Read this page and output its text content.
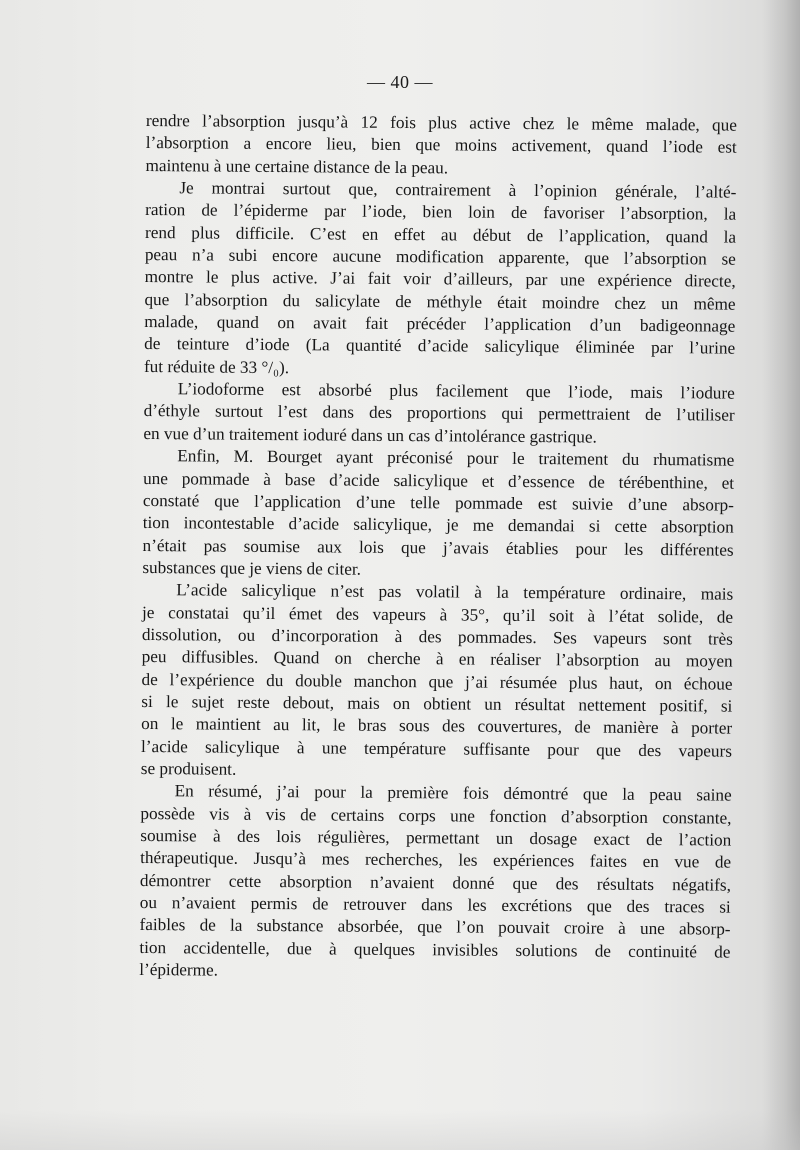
— 40 —
rendre l’absorption jusqu’à 12 fois plus active chez le même malade, que
l’absorption a encore lieu, bien que moins activement, quand l’iode est
maintenu à une certaine distance de la peau.
Je montrai surtout que, contrairement à l’opinion générale, l’alté-
ration de l’épiderme par l’iode, bien loin de favoriser l’absorption, la
rend plus difficile. C’est en effet au début de l’application, quand la
peau n’a subi encore aucune modification apparente, que l’absorption se
montre le plus active. J’ai fait voir d’ailleurs, par une expérience directe,
que l’absorption du salicylate de méthyle était moindre chez un même
malade, quand on avait fait précéder l’application d’un badigeonnage
de teinture d’iode (La quantité d’acide salicylique éliminée par l’urine
fut réduite de 33 °/₀).
L’iodoforme est absorbé plus facilement que l’iode, mais l’iodure
d’éthyle surtout l’est dans des proportions qui permettraient de l’utiliser
en vue d’un traitement ioduré dans un cas d’intolérance gastrique.
Enfin, M. Bourget ayant préconisé pour le traitement du rhumatisme
une pommade à base d’acide salicylique et d’essence de térébenthine, et
constaté que l’application d’une telle pommade est suivie d’une absorp-
tion incontestable d’acide salicylique, je me demandai si cette absorption
n’était pas soumise aux lois que j’avais établies pour les différentes
substances que je viens de citer.
L’acide salicylique n’est pas volatil à la température ordinaire, mais
je constatai qu’il émet des vapeurs à 35°, qu’il soit à l’état solide, de
dissolution, ou d’incorporation à des pommades. Ses vapeurs sont très
peu diffusibles. Quand on cherche à en réaliser l’absorption au moyen
de l’expérience du double manchon que j’ai résumée plus haut, on échoue
si le sujet reste debout, mais on obtient un résultat nettement positif, si
on le maintient au lit, le bras sous des couvertures, de manière à porter
l’acide salicylique à une température suffisante pour que des vapeurs
se produisent.
En résumé, j’ai pour la première fois démontré que la peau saine
possède vis à vis de certains corps une fonction d’absorption constante,
soumise à des lois régulières, permettant un dosage exact de l’action
thérapeutique. Jusqu’à mes recherches, les expériences faites en vue de
démontrer cette absorption n’avaient donné que des résultats négatifs,
ou n’avaient permis de retrouver dans les excrétions que des traces si
faibles de la substance absorbée, que l’on pouvait croire à une absorp-
tion accidentelle, due à quelques invisibles solutions de continuité de
l’épiderme.
